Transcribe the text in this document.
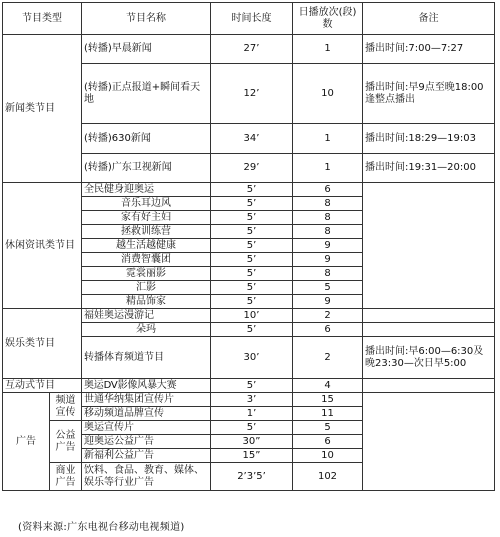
节目类型		节目名称	时间长度	日播放次(段)数	备注
新闻类节目		(转播)早晨新闻	27’	1	播出时间:7:00—7:27
		(转播)正点报道+瞬间看天地	12’	10	播出时间:早9点至晚18:00逢整点播出
		(转播)630新闻	34’	1	播出时间:18:29—19:03
		(转播)广东卫视新闻	29’	1	播出时间:19:31—20:00
休闲资讯类节目		全民健身迎奥运	5’	6	
		音乐耳边风	5’	8	
		家有好主妇	5’	8	
		拯救训练营	5’	8	
		越生活越健康	5’	9	
		消费智囊团	5’	9	
		霓裳丽影	5’	8	
		汇影	5’	5	
		精品饰家	5’	9	
娱乐类节目		福娃奥运漫游记	10’	2	
		朵玛	5’	6	
		转播体育频道节目	30’	2	播出时间:早6:00—6:30及晚23:30—次日早5:00
互动式节目		奥运DV影像风暴大赛	5’	4	
广告	频道宣传	世通华纳集团宣传片	3’	15	
		移动频道品牌宣传	1’	11	
	公益广告	奥运宣传片	5’	5	
		迎奥运公益广告	30”	6	
		新福利公益广告	15”	10	
	商业广告	饮料、食品、教育、媒体、娱乐等行业广告	2’3’5’	102	
(资料来源:广东电视台移动电视频道)
